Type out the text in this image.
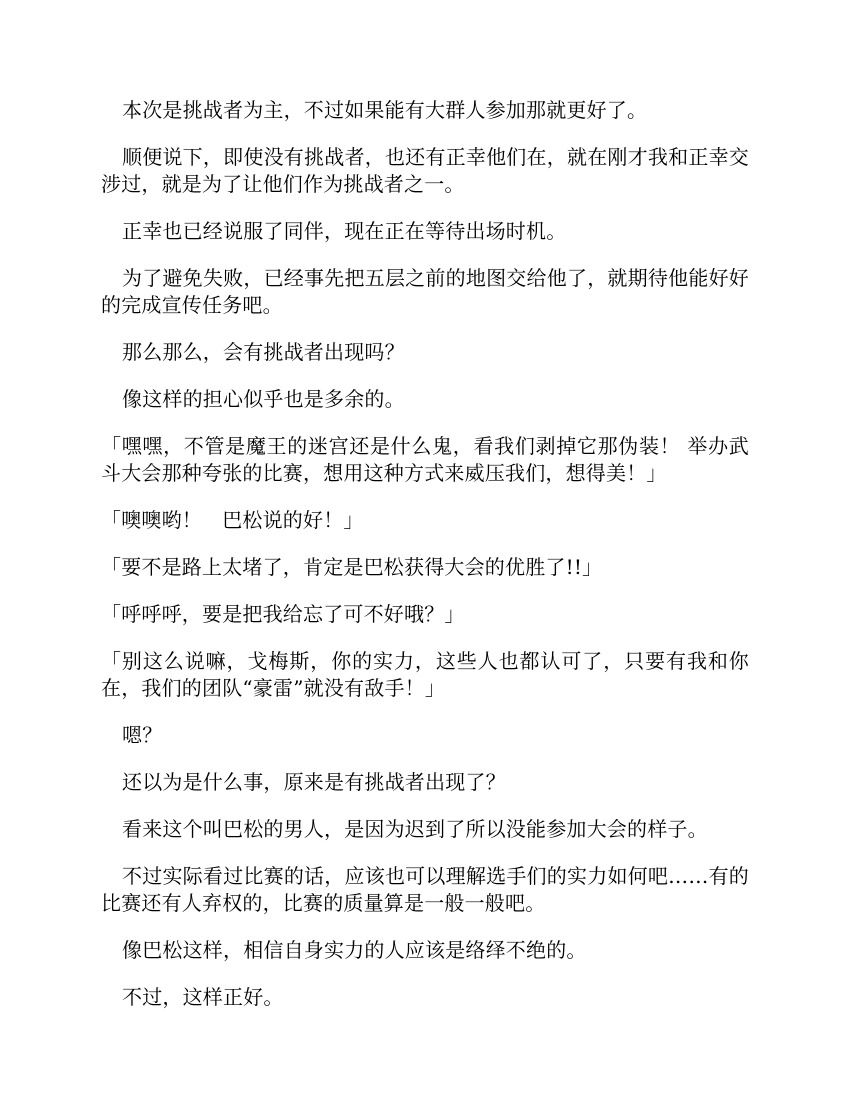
本次是挑战者为主，不过如果能有大群人参加那就更好了。

顺便说下，即使没有挑战者，也还有正幸他们在，就在刚才我和正幸交涉过，就是为了让他们作为挑战者之一。

正幸也已经说服了同伴，现在正在等待出场时机。

为了避免失败，已经事先把五层之前的地图交给他了，就期待他能好好的完成宣传任务吧。

那么那么，会有挑战者出现吗？

像这样的担心似乎也是多余的。

「嘿嘿，不管是魔王的迷宫还是什么鬼，看我们剥掉它那伪装！ 举办武斗大会那种夸张的比赛，想用这种方式来威压我们，想得美！」

「噢噢哟！　巴松说的好！」

「要不是路上太堵了，肯定是巴松获得大会的优胜了!!」

「呼呼呼，要是把我给忘了可不好哦？」

「别这么说嘛，戈梅斯，你的实力，这些人也都认可了，只要有我和你在，我们的团队“豪雷”就没有敌手！」

嗯？

还以为是什么事，原来是有挑战者出现了？

看来这个叫巴松的男人，是因为迟到了所以没能参加大会的样子。

不过实际看过比赛的话，应该也可以理解选手们的实力如何吧……有的比赛还有人弃权的，比赛的质量算是一般一般吧。

像巴松这样，相信自身实力的人应该是络绎不绝的。

不过，这样正好。
